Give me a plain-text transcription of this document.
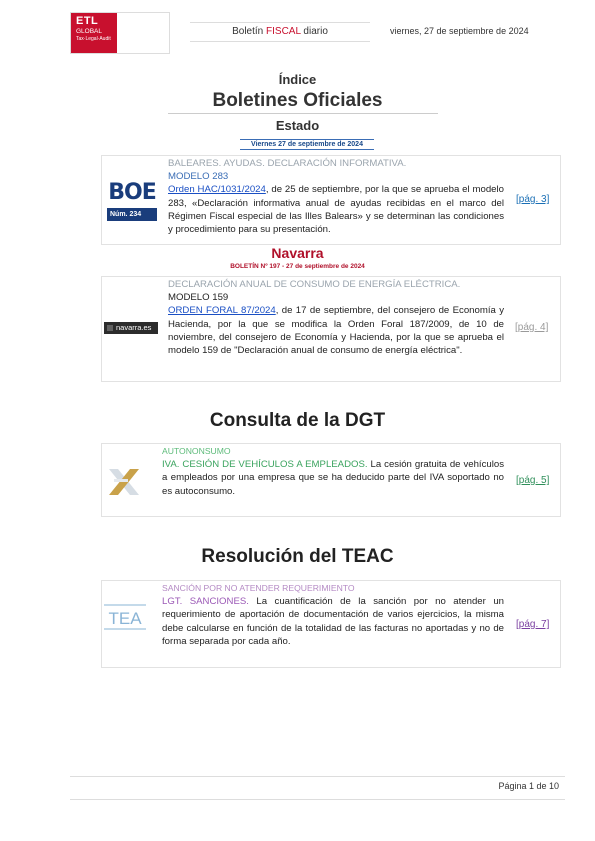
ETL
GLOBAL
Tax·Legal·Audit
Boletín FISCAL diario	viernes, 27 de septiembre de 2024
Índice
Boletines Oficiales
Estado
Viernes 27 de septiembre de 2024
BOE
Núm. 234
BALEARES. AYUDAS. DECLARACIÓN INFORMATIVA.
MODELO 283
Orden HAC/1031/2024, de 25 de septiembre, por la que se aprueba el modelo 283, «Declaración informativa anual de ayudas recibidas en el marco del Régimen Fiscal especial de las Illes Balears» y se determinan las condiciones y procedimiento para su presentación.
[pág. 3]
Navarra
BOLETÍN Nº 197 - 27 de septiembre de 2024
navarra.es
DECLARACIÓN ANUAL DE CONSUMO DE ENERGÍA ELÉCTRICA.
MODELO 159
ORDEN FORAL 87/2024, de 17 de septiembre, del consejero de Economía y Hacienda, por la que se modifica la Orden Foral 187/2009, de 10 de noviembre, del consejero de Economía y Hacienda, por la que se aprueba el modelo 159 de "Declaración anual de consumo de energía eléctrica".
[pág. 4]
Consulta de la DGT
AUTONONSUMO
IVA. CESIÓN DE VEHÍCULOS A EMPLEADOS. La cesión gratuita de vehículos a empleados por una empresa que se ha deducido parte del IVA soportado no es autoconsumo.
[pág. 5]
Resolución del TEAC
TEA
SANCIÓN POR NO ATENDER REQUERIMIENTO
LGT. SANCIONES. La cuantificación de la sanción por no atender un requerimiento de aportación de documentación de varios ejercicios, la misma debe calcularse en función de la totalidad de las facturas no aportadas y no de forma separada por cada año.
[pág. 7]
Página 1 de 10
